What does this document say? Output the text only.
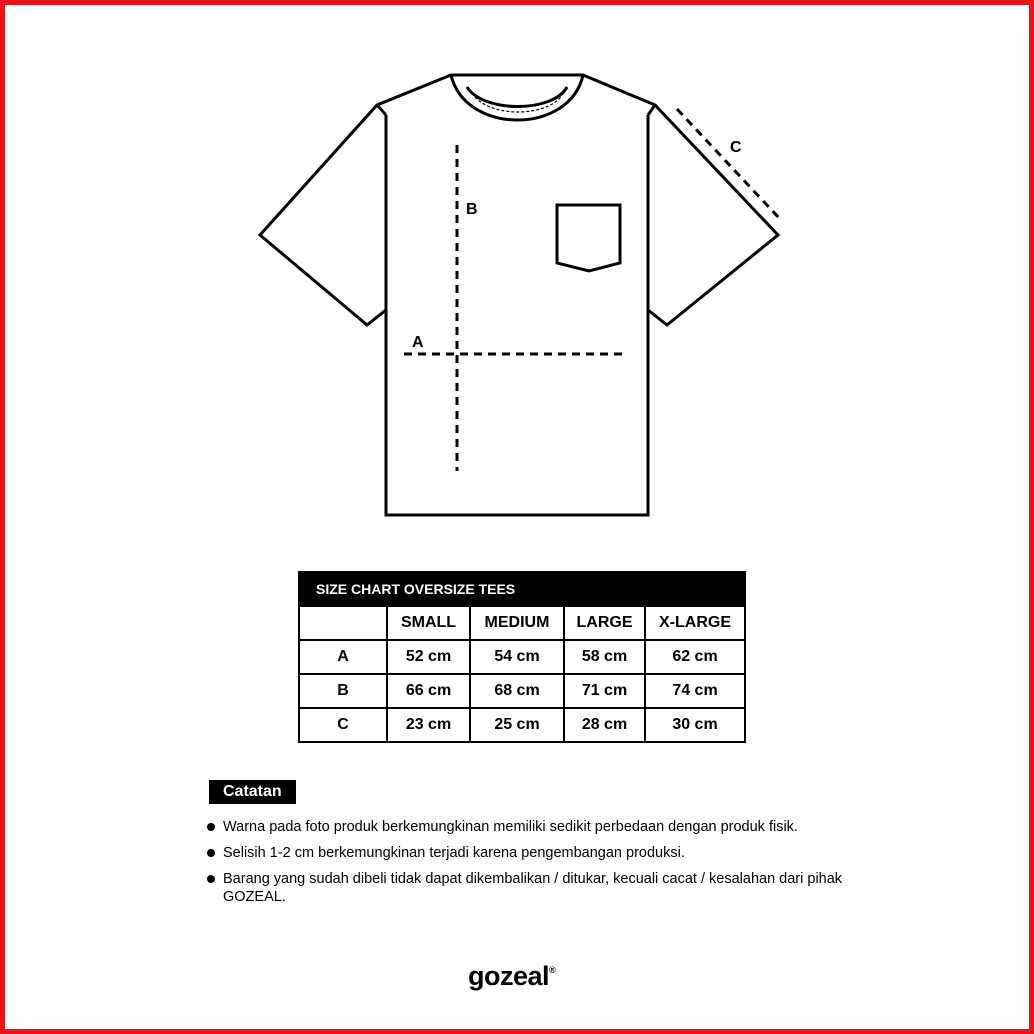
A
B
C
SIZE CHART OVERSIZE TEES				
	SMALL	MEDIUM	LARGE	X-LARGE
A	52 cm	54 cm	58 cm	62 cm
B	66 cm	68 cm	71 cm	74 cm
C	23 cm	25 cm	28 cm	30 cm
Catatan
Warna pada foto produk berkemungkinan memiliki sedikit perbedaan dengan produk fisik.
Selisih 1-2 cm berkemungkinan terjadi karena pengembangan produksi.
Barang yang sudah dibeli tidak dapat dikembalikan / ditukar, kecuali cacat / kesalahan dari pihak GOZEAL.
gozeal®
